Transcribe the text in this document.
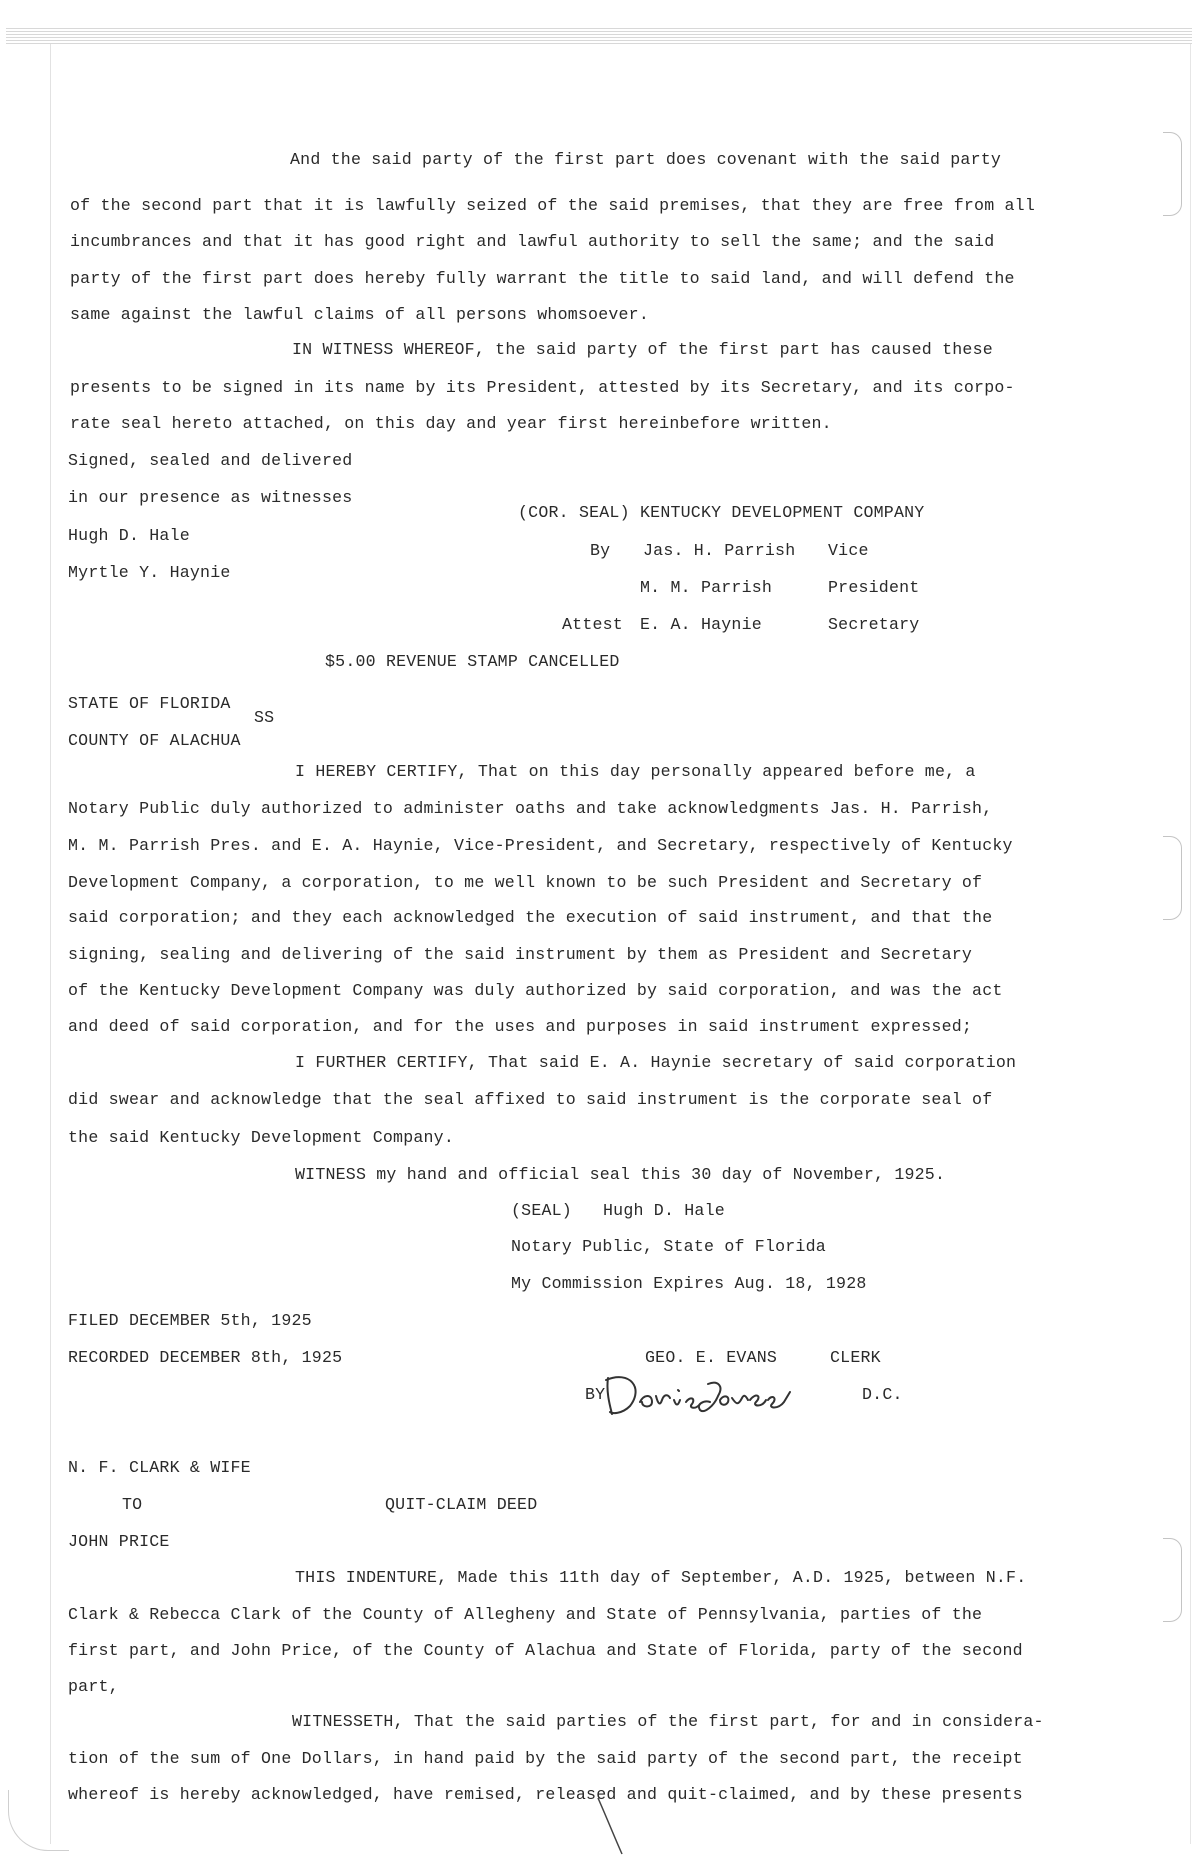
And the said party of the first part does covenant with the said party
of the second part that it is lawfully seized of the said premises, that they are free from all
incumbrances and that it has good right and lawful authority to sell the same; and the said
party of the first part does hereby fully warrant the title to said land, and will defend the
same against the lawful claims of all persons whomsoever.
IN WITNESS WHEREOF, the said party of the first part has caused these
presents to be signed in its name by its President, attested by its Secretary, and its corpo-
rate seal hereto attached, on this day and year first hereinbefore written.
Signed, sealed and delivered
in our presence as witnesses
Hugh D. Hale
Myrtle Y. Haynie
(COR. SEAL) KENTUCKY DEVELOPMENT COMPANY
By Jas. H. Parrish Vice
M. M. Parrish	President
Attest E. A. Haynie	Secretary
$5.00 REVENUE STAMP CANCELLED
STATE OF FLORIDA
SS
COUNTY OF ALACHUA
I HEREBY CERTIFY, That on this day personally appeared before me, a
Notary Public duly authorized to administer oaths and take acknowledgments Jas. H. Parrish,
M. M. Parrish Pres. and E. A. Haynie, Vice-President, and Secretary, respectively of Kentucky
Development Company, a corporation, to me well known to be such President and Secretary of
said corporation; and they each acknowledged the execution of said instrument, and that the
signing, sealing and delivering of the said instrument by them as President and Secretary
of the Kentucky Development Company was duly authorized by said corporation, and was the act
and deed of said corporation, and for the uses and purposes in said instrument expressed;
I FURTHER CERTIFY, That said E. A. Haynie secretary of said corporation
did swear and acknowledge that the seal affixed to said instrument is the corporate seal of
the said Kentucky Development Company.
WITNESS my hand and official seal this 30 day of November, 1925.
(SEAL) Hugh D. Hale
Notary Public, State of Florida
My Commission Expires Aug. 18, 1928
FILED DECEMBER 5th, 1925
RECORDED DECEMBER 8th, 1925	GEO. E. EVANS	CLERK
BY	D.C.
N. F. CLARK & WIFE
TO	QUIT-CLAIM DEED
JOHN PRICE
THIS INDENTURE, Made this 11th day of September, A.D. 1925, between N.F.
Clark & Rebecca Clark of the County of Allegheny and State of Pennsylvania, parties of the
first part, and John Price, of the County of Alachua and State of Florida, party of the second
part,
WITNESSETH, That the said parties of the first part, for and in considera-
tion of the sum of One Dollars, in hand paid by the said party of the second part, the receipt
whereof is hereby acknowledged, have remised, released and quit-claimed, and by these presents
